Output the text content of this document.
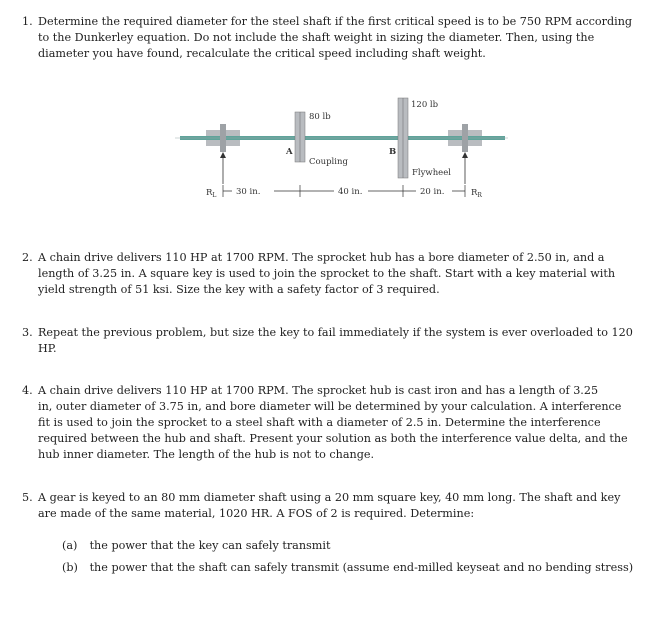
1. Determine the required diameter for the steel shaft if the first critical speed is to be 750 RPM according
to the Dunkerley equation. Do not include the shaft weight in sizing the diameter. Then, using the
diameter you have found, recalculate the critical speed including shaft weight.
80 lb
120 lb
A	B
Coupling
Flywheel
$R_L$	$R_R$
30 in.	40 in.	20 in.
2. A chain drive delivers 110 HP at 1700 RPM. The sprocket hub has a bore diameter of 2.50 in, and a
length of 3.25 in. A square key is used to join the sprocket to the shaft. Start with a key material with
yield strength of 51 ksi. Size the key with a safety factor of 3 required.
3. Repeat the previous problem, but size the key to fail immediately if the system is ever overloaded to 120
HP.
4. A chain drive delivers 110 HP at 1700 RPM. The sprocket hub is cast iron and has a length of 3.25
in, outer diameter of 3.75 in, and bore diameter will be determined by your calculation. A interference
fit is used to join the sprocket to a steel shaft with a diameter of 2.5 in. Determine the interference
required between the hub and shaft. Present your solution as both the interference value delta, and the
hub inner diameter. The length of the hub is not to change.
5. A gear is keyed to an 80 mm diameter shaft using a 20 mm square key, 40 mm long. The shaft and key
are made of the same material, 1020 HR. A FOS of 2 is required. Determine:
(a) the power that the key can safely transmit
(b) the power that the shaft can safely transmit (assume end-milled keyseat and no bending stress)
